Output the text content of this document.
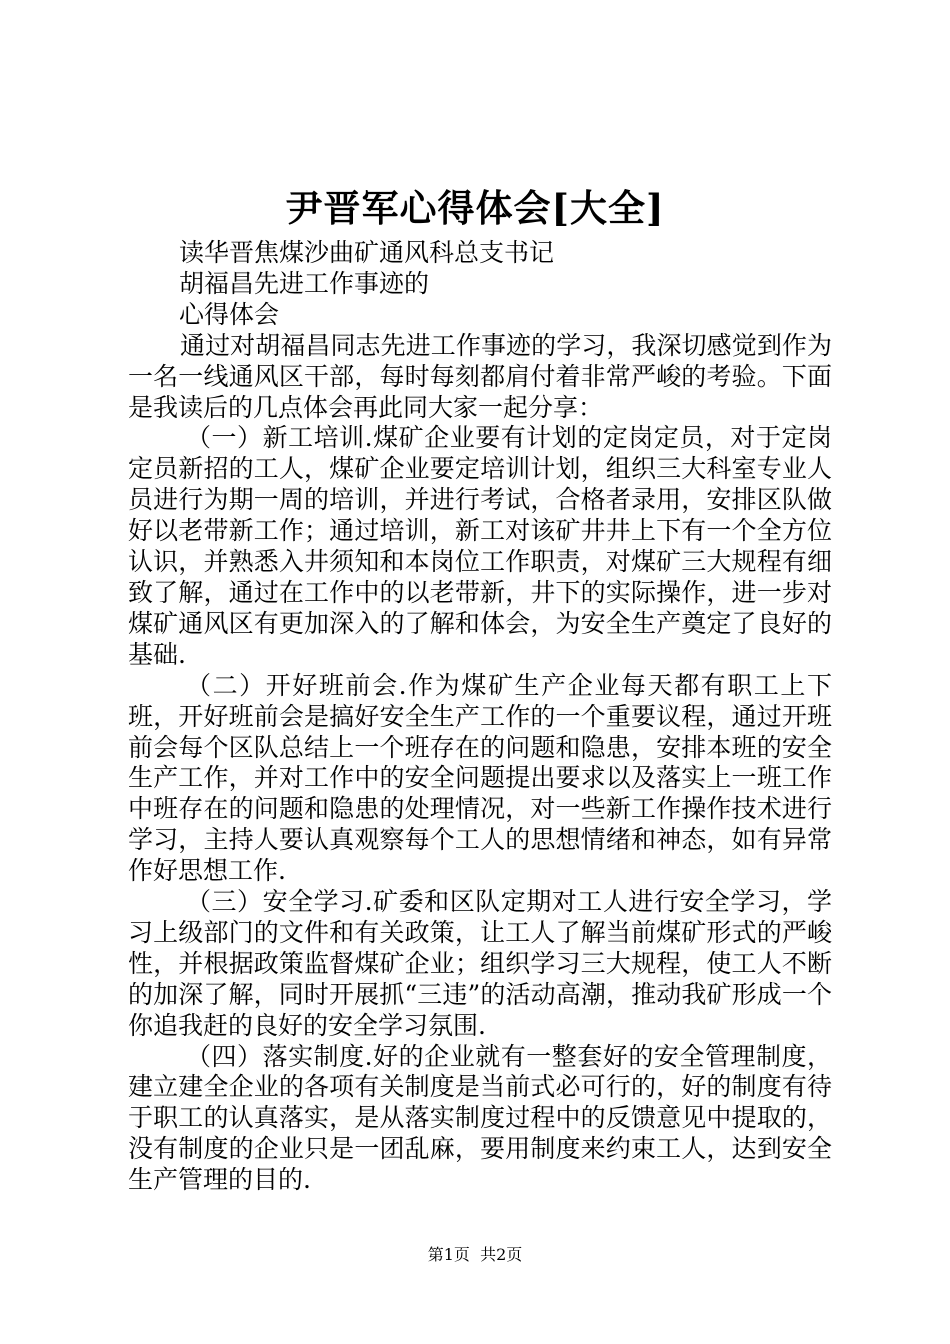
尹晋军心得体会[大全]

读华晋焦煤沙曲矿通风科总支书记

胡福昌先进工作事迹的

心得体会

通过对胡福昌同志先进工作事迹的学习，我深切感觉到作为一名一线通风区干部，每时每刻都肩付着非常严峻的考验。下面是我读后的几点体会再此同大家一起分享：

（一）新工培训.煤矿企业要有计划的定岗定员，对于定岗定员新招的工人，煤矿企业要定培训计划，组织三大科室专业人员进行为期一周的培训，并进行考试，合格者录用，安排区队做好以老带新工作；通过培训，新工对该矿井井上下有一个全方位认识，并熟悉入井须知和本岗位工作职责，对煤矿三大规程有细致了解，通过在工作中的以老带新，井下的实际操作，进一步对煤矿通风区有更加深入的了解和体会，为安全生产奠定了良好的基础.

（二）开好班前会.作为煤矿生产企业每天都有职工上下班，开好班前会是搞好安全生产工作的一个重要议程，通过开班前会每个区队总结上一个班存在的问题和隐患，安排本班的安全生产工作，并对工作中的安全问题提出要求以及落实上一班工作中班存在的问题和隐患的处理情况，对一些新工作操作技术进行学习，主持人要认真观察每个工人的思想情绪和神态，如有异常作好思想工作.

（三）安全学习.矿委和区队定期对工人进行安全学习，学习上级部门的文件和有关政策，让工人了解当前煤矿形式的严峻性，并根据政策监督煤矿企业；组织学习三大规程，使工人不断的加深了解，同时开展抓“三违”的活动高潮，推动我矿形成一个你追我赶的良好的安全学习氛围.

（四）落实制度.好的企业就有一整套好的安全管理制度，建立建全企业的各项有关制度是当前式必可行的，好的制度有待于职工的认真落实，是从落实制度过程中的反馈意见中提取的，没有制度的企业只是一团乱麻，要用制度来约束工人，达到安全生产管理的目的.

第1页  共2页
